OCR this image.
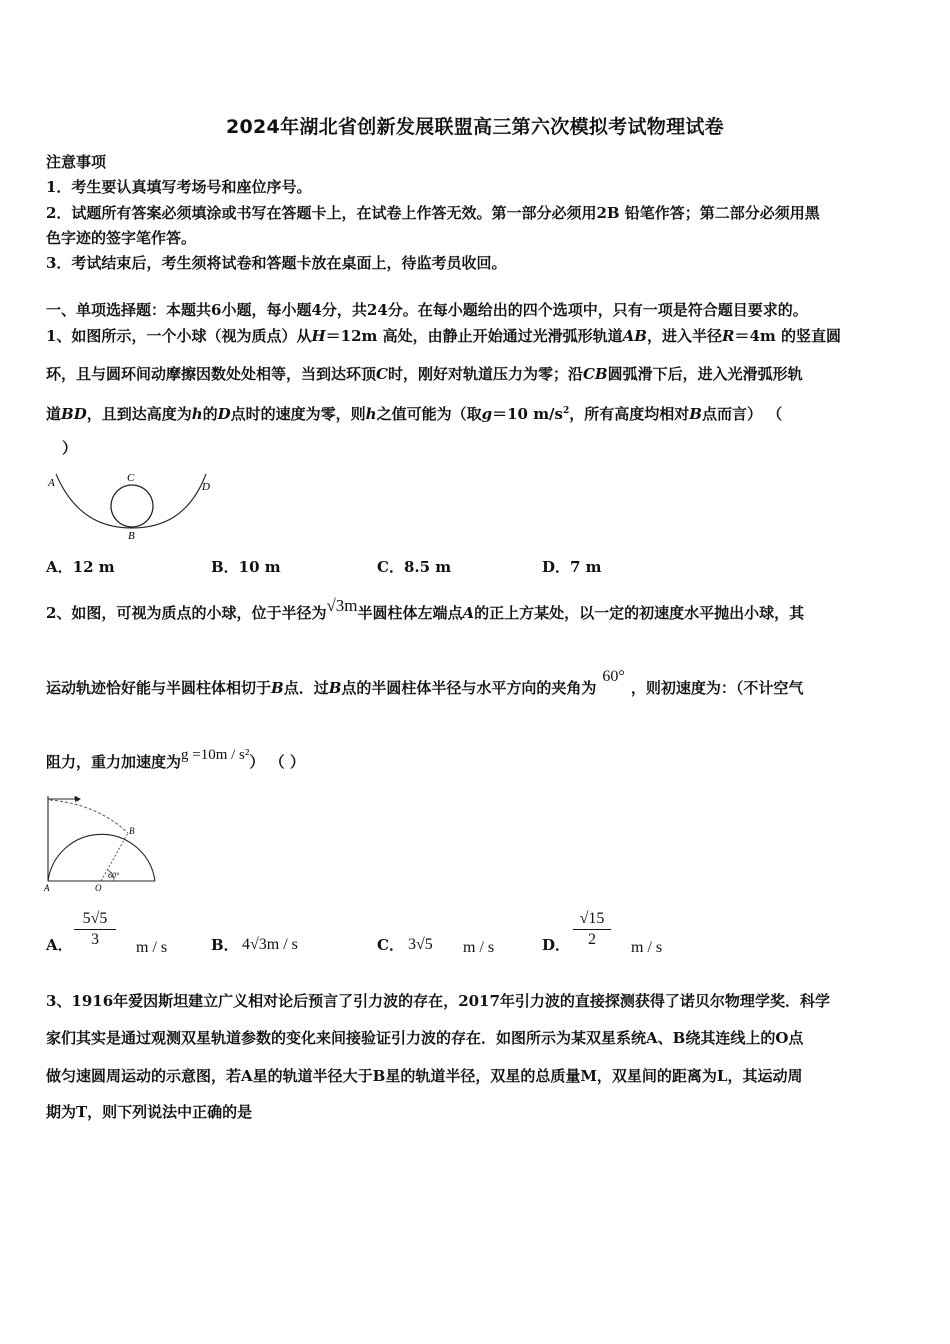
2024年湖北省创新发展联盟高三第六次模拟考试物理试卷
注意事项
1．考生要认真填写考场号和座位序号。
2．试题所有答案必须填涂或书写在答题卡上，在试卷上作答无效。第一部分必须用2B 铅笔作答；第二部分必须用黑
色字迹的签字笔作答。
3．考试结束后，考生须将试卷和答题卡放在桌面上，待监考员收回。
一、单项选择题：本题共6小题，每小题4分，共24分。在每小题给出的四个选项中，只有一项是符合题目要求的。
1、如图所示，一个小球（视为质点）从H＝12m 高处，由静止开始通过光滑弧形轨道AB，进入半径R＝4m 的竖直圆
环，且与圆环间动摩擦因数处处相等，当到达环顶C时，刚好对轨道压力为零；沿CB圆弧滑下后，进入光滑弧形轨
道BD，且到达高度为h的D点时的速度为零，则h之值可能为（取g＝10 $m/s^2$，所有高度均相对B点而言） （
）
A	C
B
D
A．12 m	B．10 m	C．8.5 m	D．7 m
2、如图，可视为质点的小球，位于半径为√3m半圆柱体左端点A的正上方某处，以一定的初速度水平抛出小球，其
运动轨迹恰好能与半圆柱体相切于B点．过B点的半圆柱体半径与水平方向的夹角为60°，则初速度为：（不计空气
阻力，重力加速度为g =10m / s²） （ ）
v₀
B
A	O
60°
A．
5√5
3	m / s	B． 4√3m / s	C． 3√5 m / s	D．
√15
2	m / s
3、1916年爱因斯坦建立广义相对论后预言了引力波的存在，2017年引力波的直接探测获得了诺贝尔物理学奖．科学
家们其实是通过观测双星轨道参数的变化来间接验证引力波的存在．如图所示为某双星系统A、B绕其连线上的O点
做匀速圆周运动的示意图，若A星的轨道半径大于B星的轨道半径，双星的总质量M，双星间的距离为L，其运动周
期为T，则下列说法中正确的是
